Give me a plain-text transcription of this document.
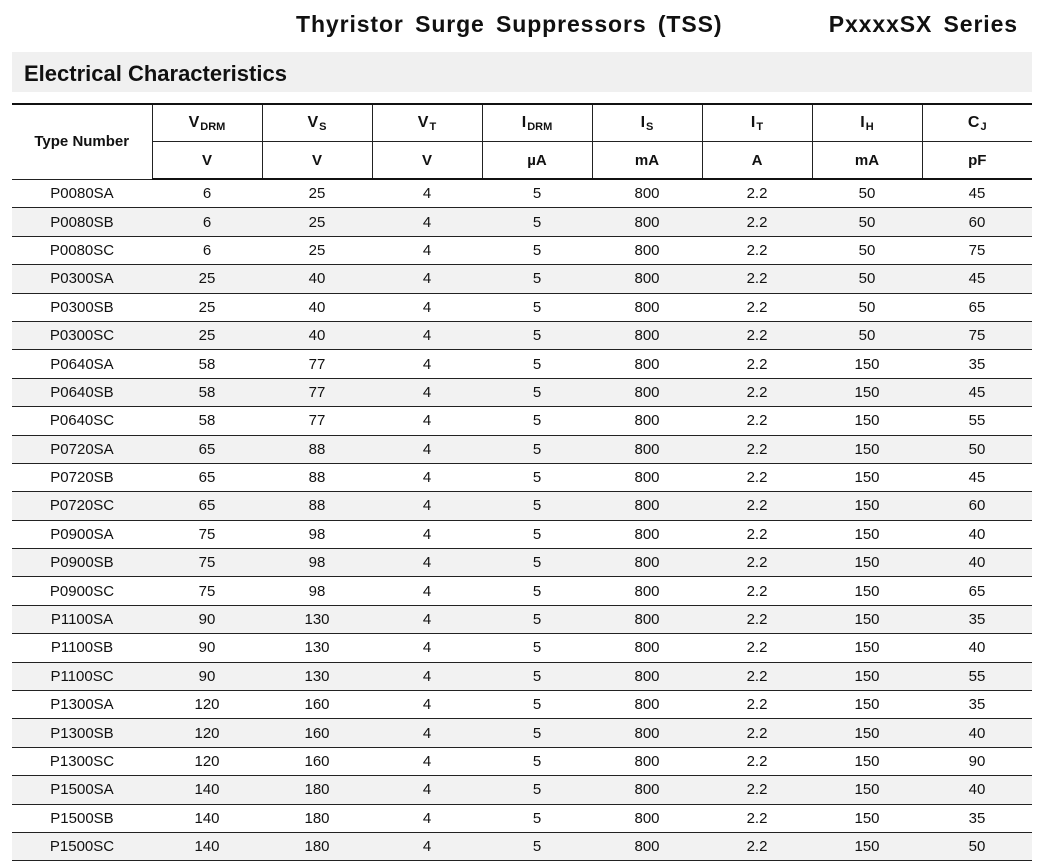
Thyristor Surge Suppressors (TSS)	PxxxxSX Series
Electrical Characteristics
Type Number	$V_{DRM}$	$V_S$	$V_T$	$I_{DRM}$	$I_S$	$I_T$	$I_H$	$C_J$
	V	V	V	µA	mA	A	mA	pF
P0080SA	6	25	4	5	800	2.2	50	45
P0080SB	6	25	4	5	800	2.2	50	60
P0080SC	6	25	4	5	800	2.2	50	75
P0300SA	25	40	4	5	800	2.2	50	45
P0300SB	25	40	4	5	800	2.2	50	65
P0300SC	25	40	4	5	800	2.2	50	75
P0640SA	58	77	4	5	800	2.2	150	35
P0640SB	58	77	4	5	800	2.2	150	45
P0640SC	58	77	4	5	800	2.2	150	55
P0720SA	65	88	4	5	800	2.2	150	50
P0720SB	65	88	4	5	800	2.2	150	45
P0720SC	65	88	4	5	800	2.2	150	60
P0900SA	75	98	4	5	800	2.2	150	40
P0900SB	75	98	4	5	800	2.2	150	40
P0900SC	75	98	4	5	800	2.2	150	65
P1100SA	90	130	4	5	800	2.2	150	35
P1100SB	90	130	4	5	800	2.2	150	40
P1100SC	90	130	4	5	800	2.2	150	55
P1300SA	120	160	4	5	800	2.2	150	35
P1300SB	120	160	4	5	800	2.2	150	40
P1300SC	120	160	4	5	800	2.2	150	90
P1500SA	140	180	4	5	800	2.2	150	40
P1500SB	140	180	4	5	800	2.2	150	35
P1500SC	140	180	4	5	800	2.2	150	50
